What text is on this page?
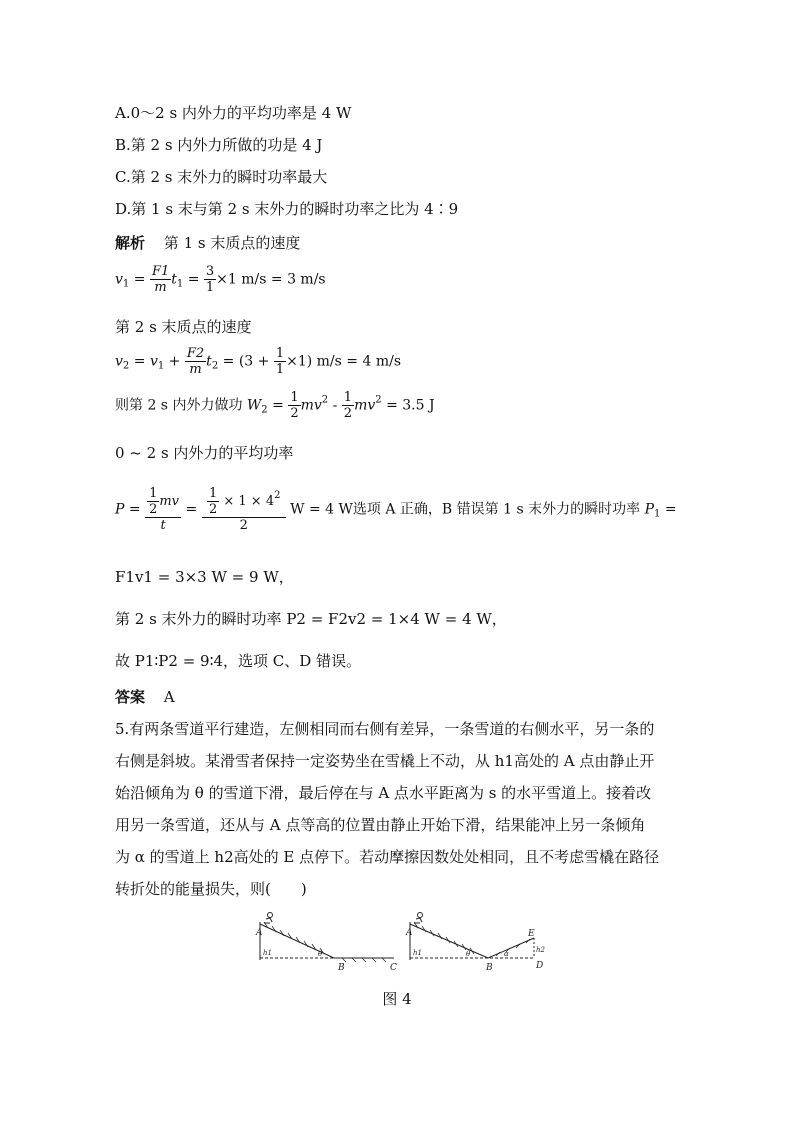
A.0～2 s 内外力的平均功率是 4 W
B.第 2 s 内外力所做的功是 4 J
C.第 2 s 末外力的瞬时功率最大
D.第 1 s 末与第 2 s 末外力的瞬时功率之比为 4∶9
解析 第 1 s 末质点的速度
$v_1 = \frac{F1}{m} t_1 = \frac{3}{1} \times 1$ m/s = 3 m/s
第 2 s 末质点的速度
$v_2 = v_1 + \frac{F2}{m} t_2 = (3 + \frac{1}{1} \times 1) m/s = 4$ m/s
则第 2 s 内外力做功 $W_2 = \frac{1}{2} mv^2 - \frac{1}{2} mv^2 = 3.5$ J
0 ~ 2 s 内外力的平均功率
$P = \frac{\frac{1}{2} mv}{t} = \frac{\frac{1}{2} \times 1 \times 4^2}{2}$ W = 4 W选项 A 正确，B 错误第 1 s 末外力的瞬时功率 $P_1$ =
F1v1 = 3×3 W = 9 W，
第 2 s 末外力的瞬时功率 P2 = F2v2 = 1×4 W = 4 W，
故 P1∶P2 = 9∶4，选项 C、D 错误。
答案 A
5.有两条雪道平行建造，左侧相同而右侧有差异，一条雪道的右侧水平，另一条的
右侧是斜坡。某滑雪者保持一定姿势坐在雪橇上不动，从 h1高处的 A 点由静止开
始沿倾角为 θ 的雪道下滑，最后停在与 A 点水平距离为 s 的水平雪道上。接着改
用另一条雪道，还从与 A 点等高的位置由静止开始下滑，结果能冲上另一条倾角
为 α 的雪道上 h2高处的 E 点停下。若动摩擦因数处处相同，且不考虑雪橇在路径
转折处的能量损失，则(　　)
A
h1	θ
B	C
A
h1	θ
B
α
E
h2
D
图 4
